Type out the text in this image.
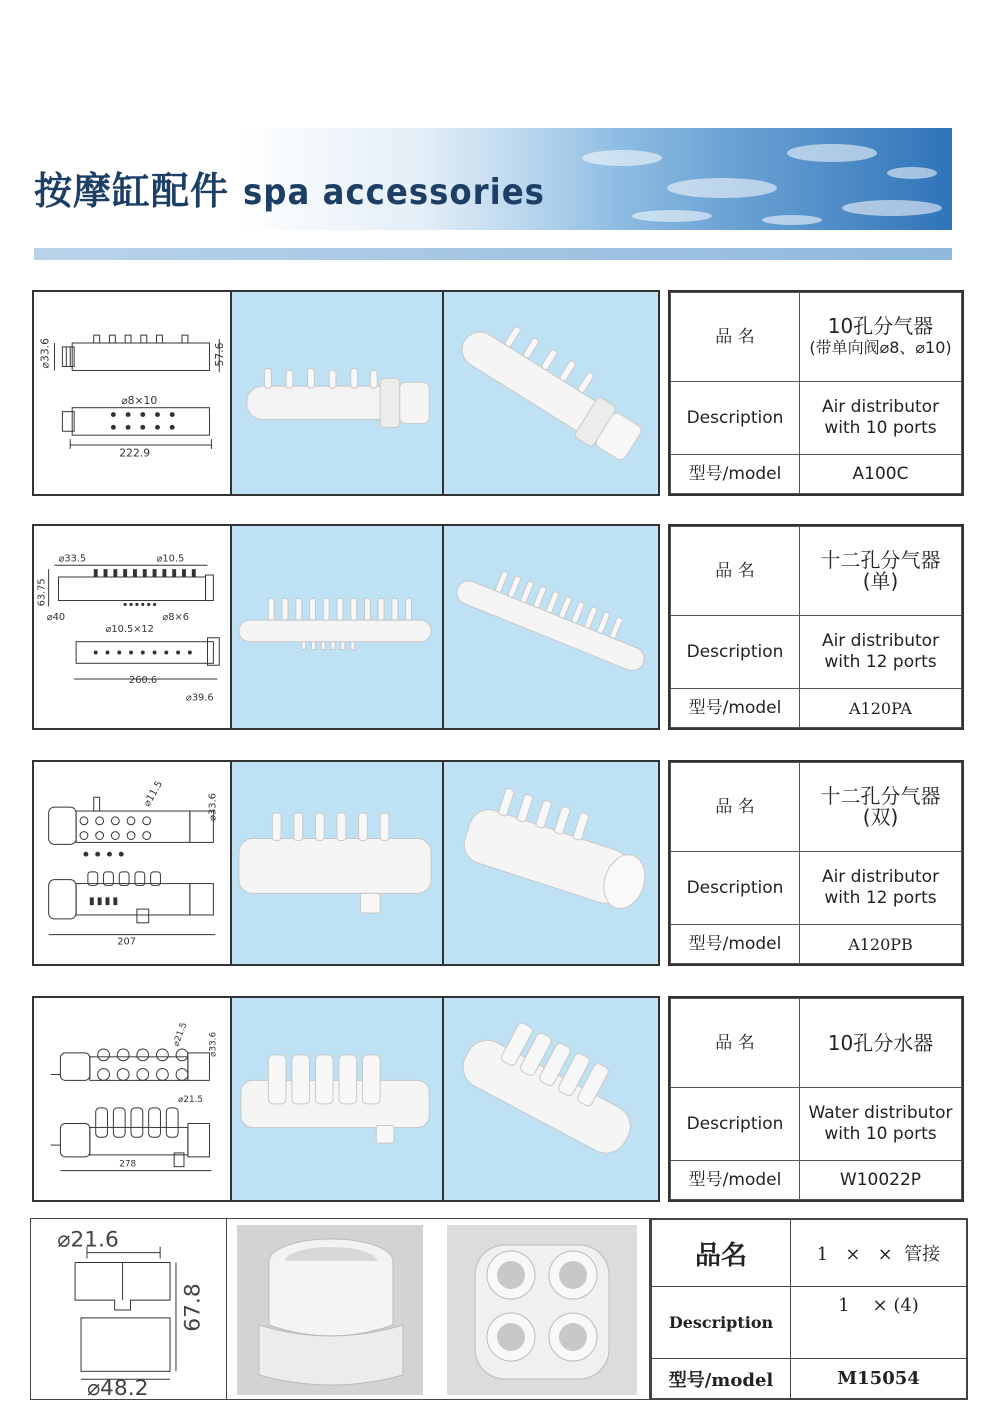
按摩缸配件 spa accessories
⌀33.6	57.6
⌀8×10
222.9
品 名	10孔分气器
(带单向阀⌀8、⌀10)

Description	Air distributor
with 10 ports

型号/model	A100C
⌀33.5	⌀10.5
63.75
⌀40	⌀8×6
⌀10.5×12
260.6
⌀39.6
品 名	十二孔分气器
(单)

Description	Air distributor
with 12 ports

型号/model	A120PA
⌀11.5	⌀33.6
207
品 名	十二孔分气器
(双)

Description	Air distributor
with 12 ports

型号/model	A120PB
⌀21.5 ⌀33.6
⌀21.5
278
品 名	10孔分水器

Description	Water distributor
with 10 ports

型号/model	W10022P
⌀21.6
67.8
⌀48.2
品名	1   ×   ×  管接
Description	1    × (4)
型号/model	M15054
